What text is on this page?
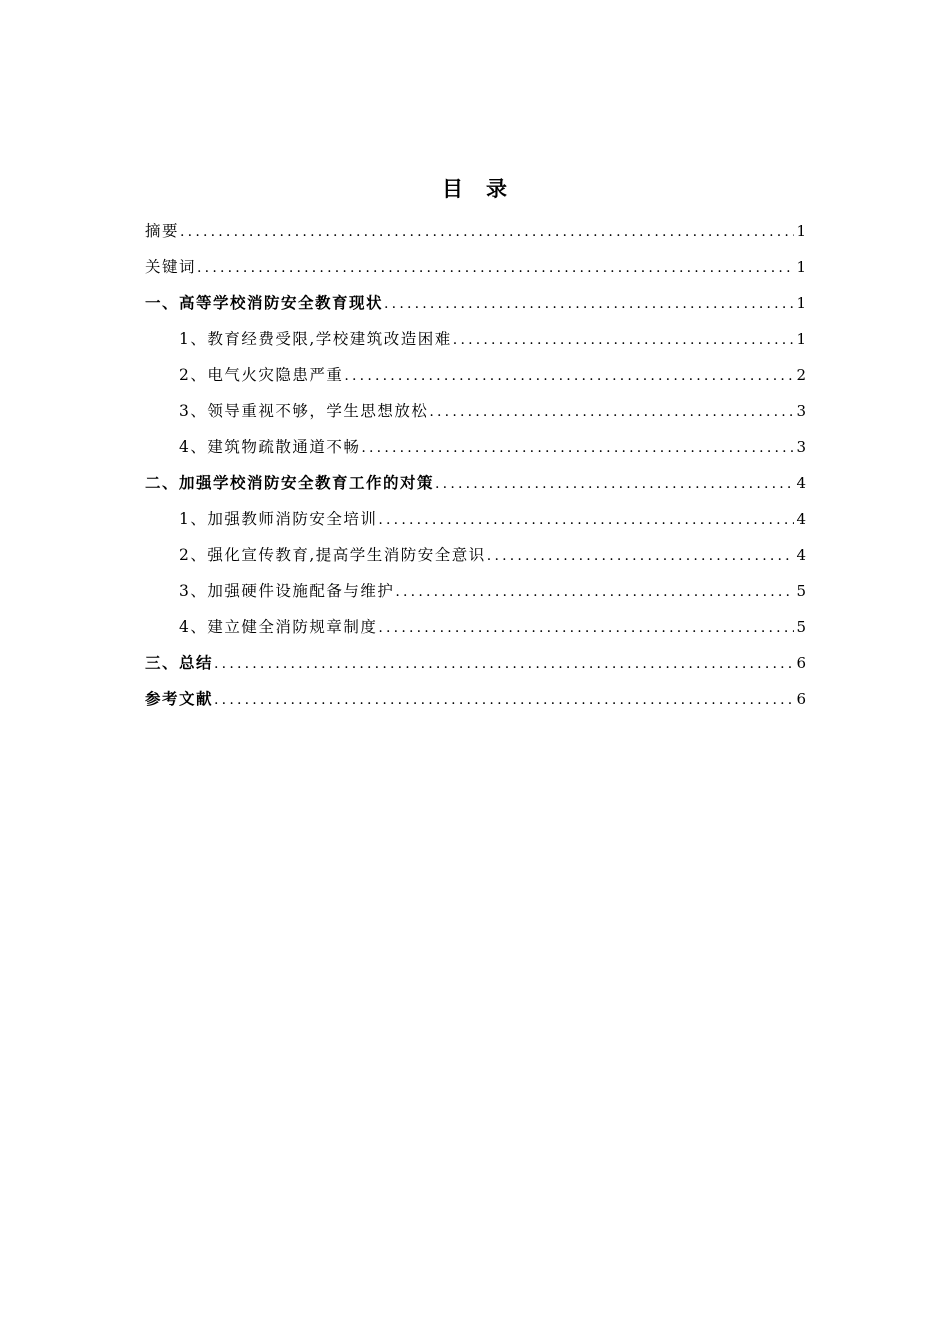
目　录
摘要 .....	1
关键词 .....	1
一、高等学校消防安全教育现状 .....	1
1、教育经费受限,学校建筑改造困难 .....	1
2、电气火灾隐患严重 .....	2
3、领导重视不够，学生思想放松 .....	3
4、建筑物疏散通道不畅 .....	3
二、加强学校消防安全教育工作的对策 .....	4
1、加强教师消防安全培训 .....	4
2、强化宣传教育,提高学生消防安全意识 .....	4
3、加强硬件设施配备与维护 .....	5
4、建立健全消防规章制度 .....	5
三、总结 .....	6
参考文献 .....	6
